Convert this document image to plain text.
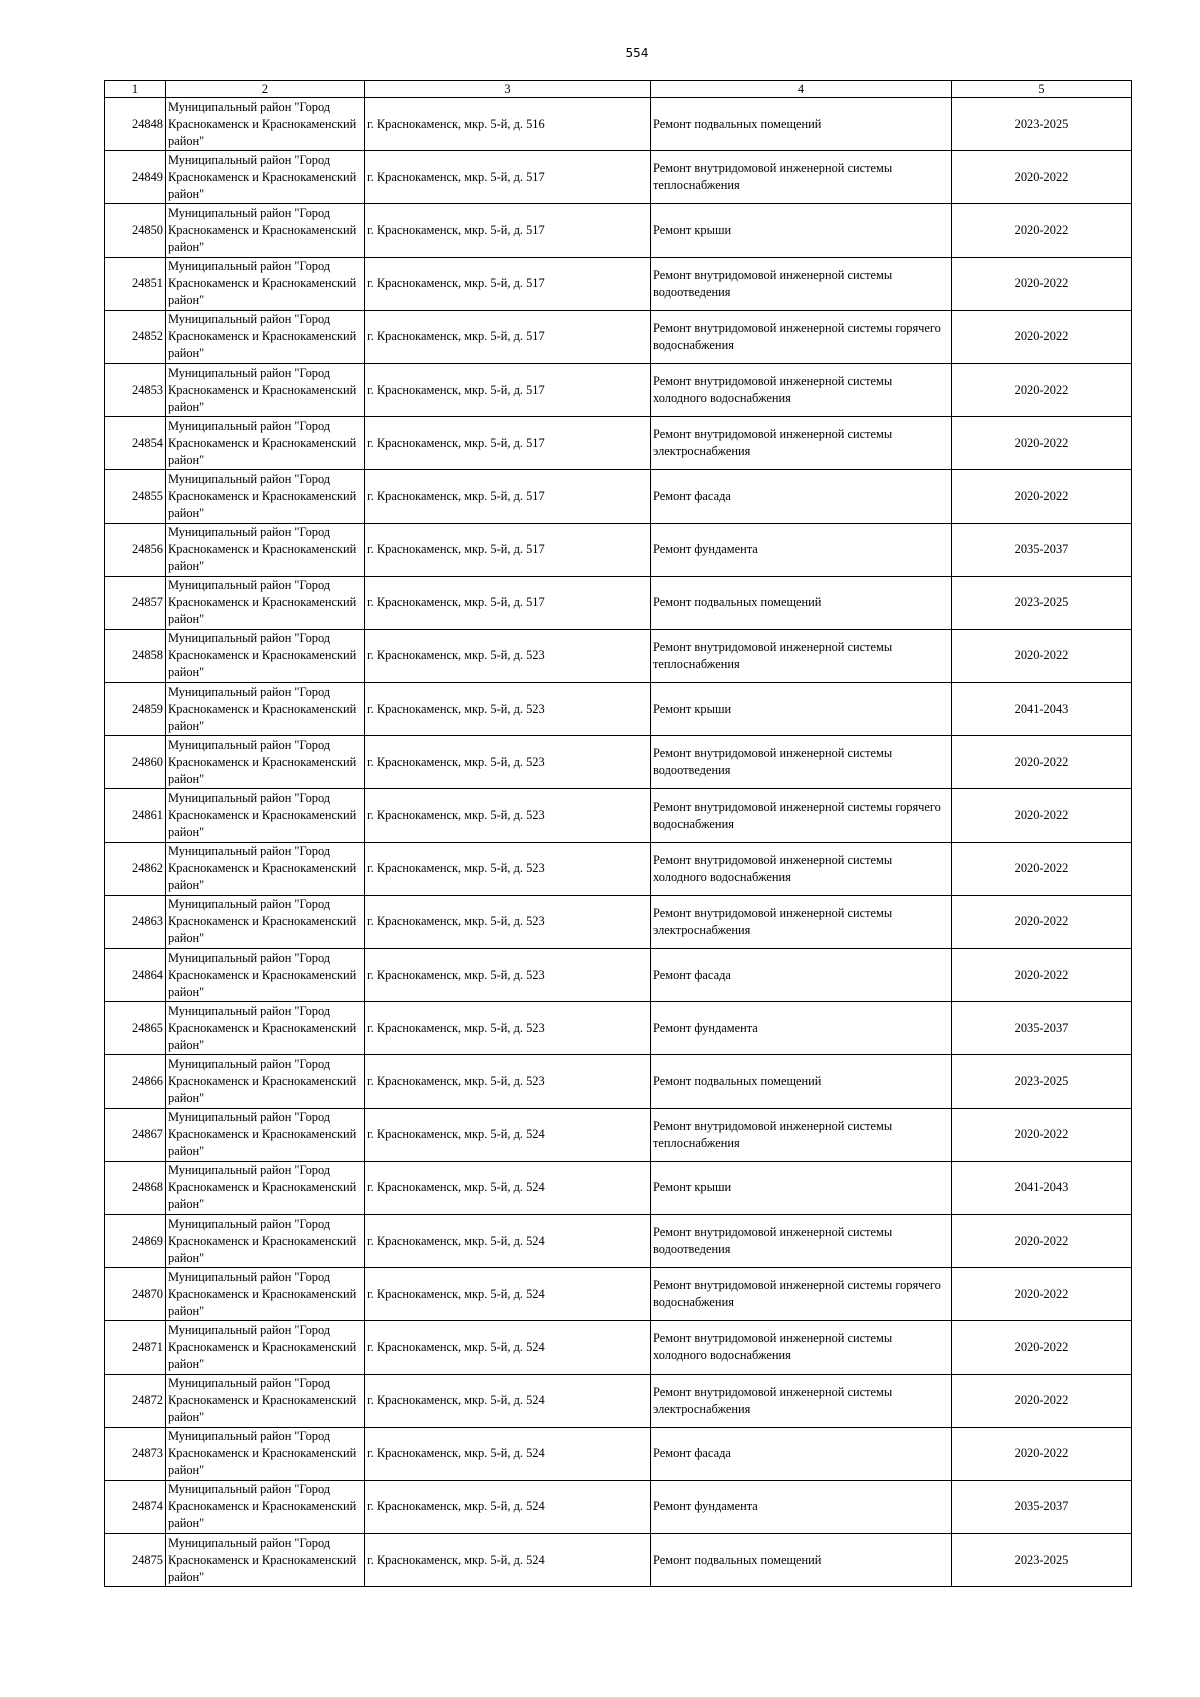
554
1	2	3	4	5
24848	Муниципальный район "Город Краснокаменск и Краснокаменский район"	г. Краснокаменск, мкр. 5-й, д. 516	Ремонт подвальных помещений	2023-2025
24849	Муниципальный район "Город Краснокаменск и Краснокаменский район"	г. Краснокаменск, мкр. 5-й, д. 517	Ремонт внутридомовой инженерной системы теплоснабжения	2020-2022
24850	Муниципальный район "Город Краснокаменск и Краснокаменский район"	г. Краснокаменск, мкр. 5-й, д. 517	Ремонт крыши	2020-2022
24851	Муниципальный район "Город Краснокаменск и Краснокаменский район"	г. Краснокаменск, мкр. 5-й, д. 517	Ремонт внутридомовой инженерной системы водоотведения	2020-2022
24852	Муниципальный район "Город Краснокаменск и Краснокаменский район"	г. Краснокаменск, мкр. 5-й, д. 517	Ремонт внутридомовой инженерной системы горячего водоснабжения	2020-2022
24853	Муниципальный район "Город Краснокаменск и Краснокаменский район"	г. Краснокаменск, мкр. 5-й, д. 517	Ремонт внутридомовой инженерной системы холодного водоснабжения	2020-2022
24854	Муниципальный район "Город Краснокаменск и Краснокаменский район"	г. Краснокаменск, мкр. 5-й, д. 517	Ремонт внутридомовой инженерной системы электроснабжения	2020-2022
24855	Муниципальный район "Город Краснокаменск и Краснокаменский район"	г. Краснокаменск, мкр. 5-й, д. 517	Ремонт фасада	2020-2022
24856	Муниципальный район "Город Краснокаменск и Краснокаменский район"	г. Краснокаменск, мкр. 5-й, д. 517	Ремонт фундамента	2035-2037
24857	Муниципальный район "Город Краснокаменск и Краснокаменский район"	г. Краснокаменск, мкр. 5-й, д. 517	Ремонт подвальных помещений	2023-2025
24858	Муниципальный район "Город Краснокаменск и Краснокаменский район"	г. Краснокаменск, мкр. 5-й, д. 523	Ремонт внутридомовой инженерной системы теплоснабжения	2020-2022
24859	Муниципальный район "Город Краснокаменск и Краснокаменский район"	г. Краснокаменск, мкр. 5-й, д. 523	Ремонт крыши	2041-2043
24860	Муниципальный район "Город Краснокаменск и Краснокаменский район"	г. Краснокаменск, мкр. 5-й, д. 523	Ремонт внутридомовой инженерной системы водоотведения	2020-2022
24861	Муниципальный район "Город Краснокаменск и Краснокаменский район"	г. Краснокаменск, мкр. 5-й, д. 523	Ремонт внутридомовой инженерной системы горячего водоснабжения	2020-2022
24862	Муниципальный район "Город Краснокаменск и Краснокаменский район"	г. Краснокаменск, мкр. 5-й, д. 523	Ремонт внутридомовой инженерной системы холодного водоснабжения	2020-2022
24863	Муниципальный район "Город Краснокаменск и Краснокаменский район"	г. Краснокаменск, мкр. 5-й, д. 523	Ремонт внутридомовой инженерной системы электроснабжения	2020-2022
24864	Муниципальный район "Город Краснокаменск и Краснокаменский район"	г. Краснокаменск, мкр. 5-й, д. 523	Ремонт фасада	2020-2022
24865	Муниципальный район "Город Краснокаменск и Краснокаменский район"	г. Краснокаменск, мкр. 5-й, д. 523	Ремонт фундамента	2035-2037
24866	Муниципальный район "Город Краснокаменск и Краснокаменский район"	г. Краснокаменск, мкр. 5-й, д. 523	Ремонт подвальных помещений	2023-2025
24867	Муниципальный район "Город Краснокаменск и Краснокаменский район"	г. Краснокаменск, мкр. 5-й, д. 524	Ремонт внутридомовой инженерной системы теплоснабжения	2020-2022
24868	Муниципальный район "Город Краснокаменск и Краснокаменский район"	г. Краснокаменск, мкр. 5-й, д. 524	Ремонт крыши	2041-2043
24869	Муниципальный район "Город Краснокаменск и Краснокаменский район"	г. Краснокаменск, мкр. 5-й, д. 524	Ремонт внутридомовой инженерной системы водоотведения	2020-2022
24870	Муниципальный район "Город Краснокаменск и Краснокаменский район"	г. Краснокаменск, мкр. 5-й, д. 524	Ремонт внутридомовой инженерной системы горячего водоснабжения	2020-2022
24871	Муниципальный район "Город Краснокаменск и Краснокаменский район"	г. Краснокаменск, мкр. 5-й, д. 524	Ремонт внутридомовой инженерной системы холодного водоснабжения	2020-2022
24872	Муниципальный район "Город Краснокаменск и Краснокаменский район"	г. Краснокаменск, мкр. 5-й, д. 524	Ремонт внутридомовой инженерной системы электроснабжения	2020-2022
24873	Муниципальный район "Город Краснокаменск и Краснокаменский район"	г. Краснокаменск, мкр. 5-й, д. 524	Ремонт фасада	2020-2022
24874	Муниципальный район "Город Краснокаменск и Краснокаменский район"	г. Краснокаменск, мкр. 5-й, д. 524	Ремонт фундамента	2035-2037
24875	Муниципальный район "Город Краснокаменск и Краснокаменский район"	г. Краснокаменск, мкр. 5-й, д. 524	Ремонт подвальных помещений	2023-2025
